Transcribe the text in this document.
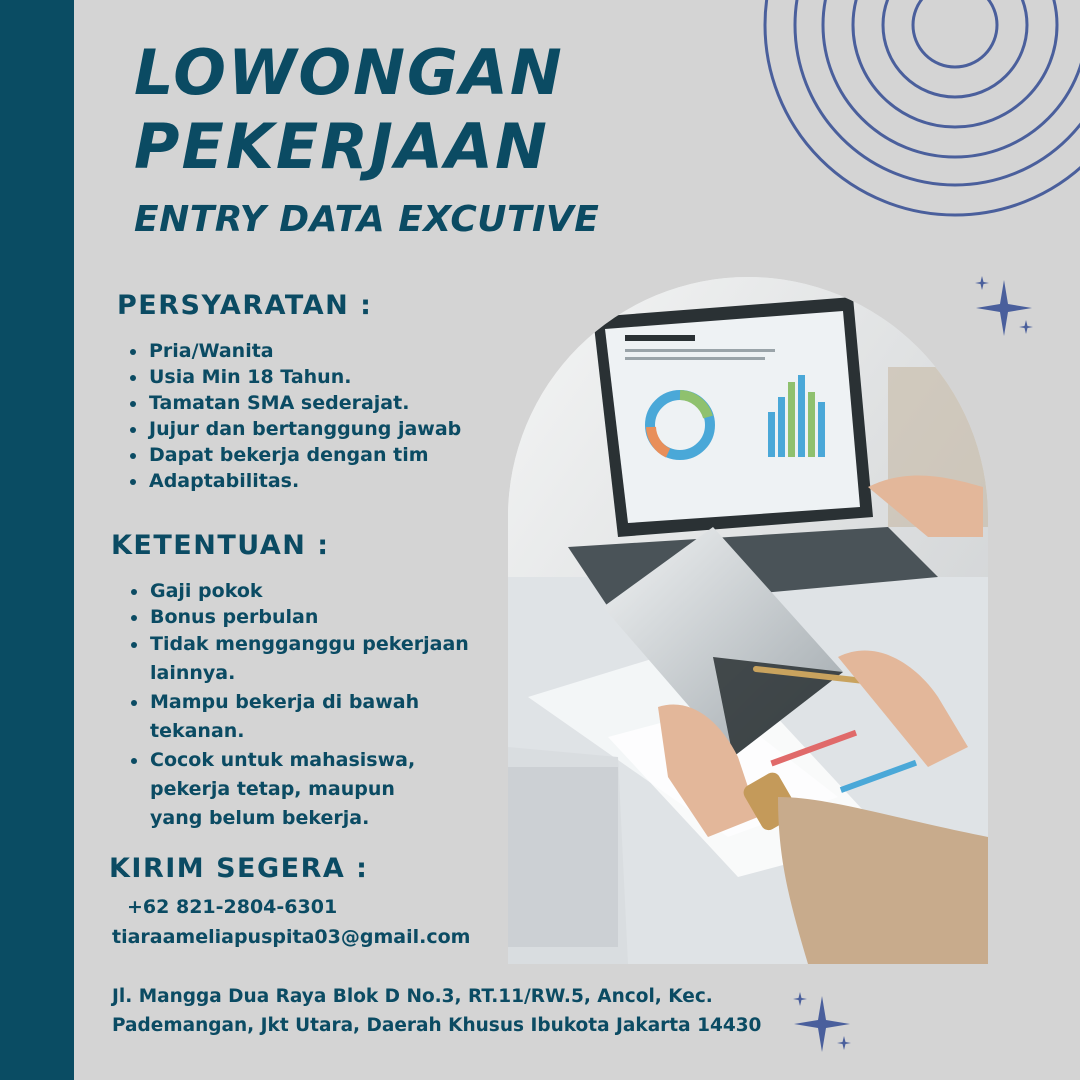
LOWONGAN
PEKERJAAN
ENTRY DATA EXCUTIVE
PERSYARATAN :
Pria/Wanita
Usia Min 18 Tahun.
Tamatan SMA sederajat.
Jujur dan bertanggung jawab
Dapat bekerja dengan tim
Adaptabilitas.
KETENTUAN :
Gaji pokok
Bonus perbulan
Tidak mengganggu pekerjaan lainnya.
Mampu bekerja di bawah tekanan.
Cocok untuk mahasiswa, pekerja tetap, maupun yang belum bekerja.
KIRIM SEGERA :

+62 821-2804-6301

tiaraameliapuspita03@gmail.com

Jl. Mangga Dua Raya Blok D No.3, RT.11/RW.5, Ancol, Kec. Pademangan, Jkt Utara, Daerah Khusus Ibukota Jakarta 14430
